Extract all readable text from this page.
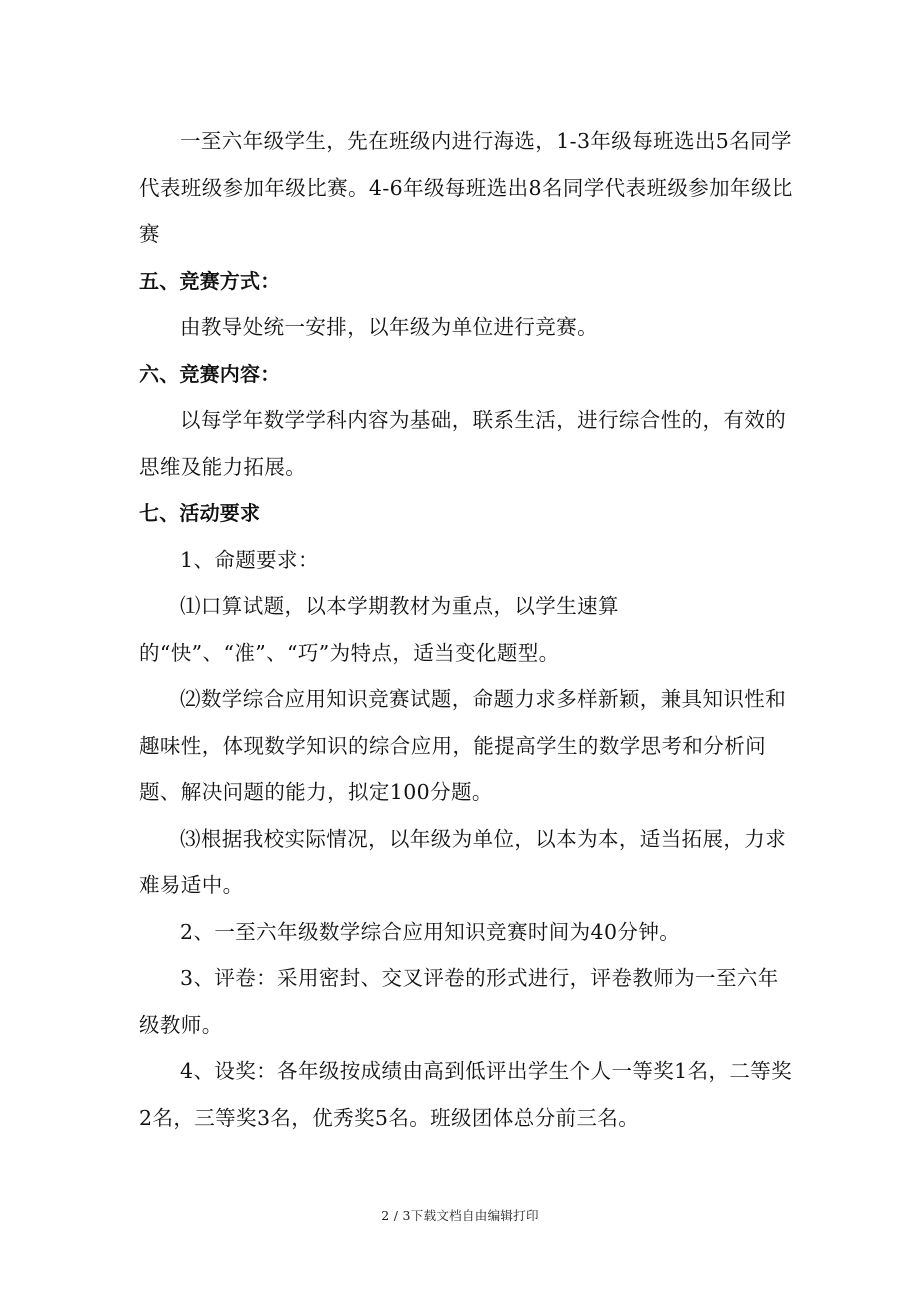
一至六年级学生，先在班级内进行海选，1-3年级每班选出5名同学代表班级参加年级比赛。4-6年级每班选出8名同学代表班级参加年级比赛

五、竞赛方式：

由教导处统一安排，以年级为单位进行竞赛。

六、竞赛内容：

以每学年数学学科内容为基础，联系生活，进行综合性的，有效的思维及能力拓展。

七、活动要求

1、命题要求：

⑴口算试题，以本学期教材为重点，以学生速算的“快”、“准”、“巧”为特点，适当变化题型。

⑵数学综合应用知识竞赛试题，命题力求多样新颖，兼具知识性和趣味性，体现数学知识的综合应用，能提高学生的数学思考和分析问题、解决问题的能力，拟定100分题。

⑶根据我校实际情况，以年级为单位，以本为本，适当拓展，力求难易适中。

2、一至六年级数学综合应用知识竞赛时间为40分钟。

3、评卷：采用密封、交叉评卷的形式进行，评卷教师为一至六年级教师。

4、设奖：各年级按成绩由高到低评出学生个人一等奖1名，二等奖2名，三等奖3名，优秀奖5名。班级团体总分前三名。

2 / 3下载文档自由编辑打印
